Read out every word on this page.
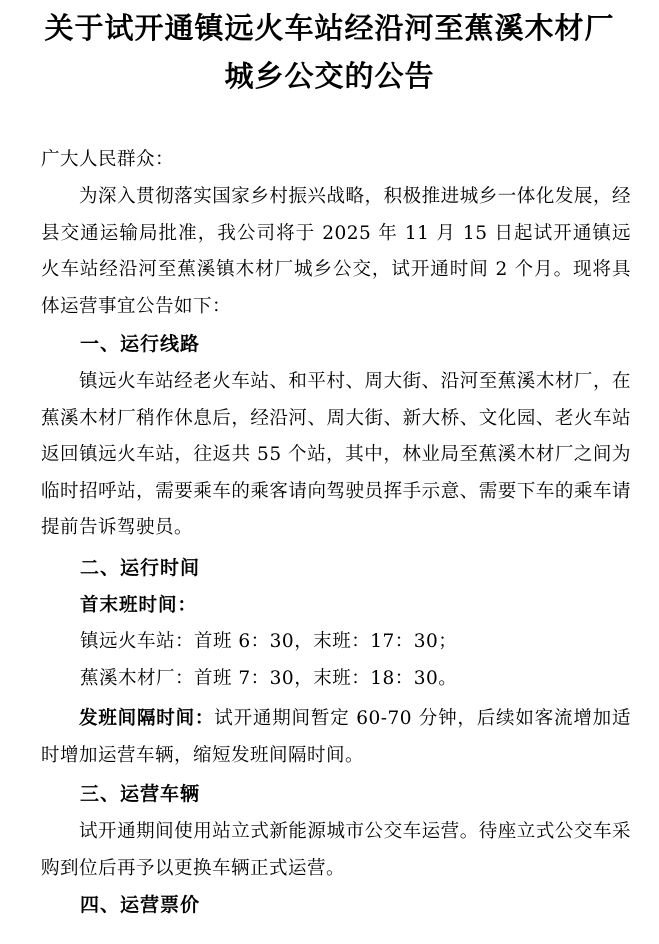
关于试开通镇远火车站经沿河至蕉溪木材厂
城乡公交的公告
广大人民群众：
为深入贯彻落实国家乡村振兴战略，积极推进城乡一体化发展，经县交通运输局批准，我公司将于 2025 年 11 月 15 日起试开通镇远火车站经沿河至蕉溪镇木材厂城乡公交，试开通时间 2 个月。现将具体运营事宜公告如下：
一、运行线路
镇远火车站经老火车站、和平村、周大街、沿河至蕉溪木材厂，在蕉溪木材厂稍作休息后，经沿河、周大街、新大桥、文化园、老火车站返回镇远火车站，往返共 55 个站，其中，林业局至蕉溪木材厂之间为临时招呼站，需要乘车的乘客请向驾驶员挥手示意、需要下车的乘车请提前告诉驾驶员。
二、运行时间
首末班时间：
镇远火车站：首班 6：30，末班：17：30；
蕉溪木材厂：首班 7：30，末班：18：30。
发班间隔时间：试开通期间暂定 60-70 分钟，后续如客流增加适时增加运营车辆，缩短发班间隔时间。
三、运营车辆
试开通期间使用站立式新能源城市公交车运营。待座立式公交车采购到位后再予以更换车辆正式运营。
四、运营票价
